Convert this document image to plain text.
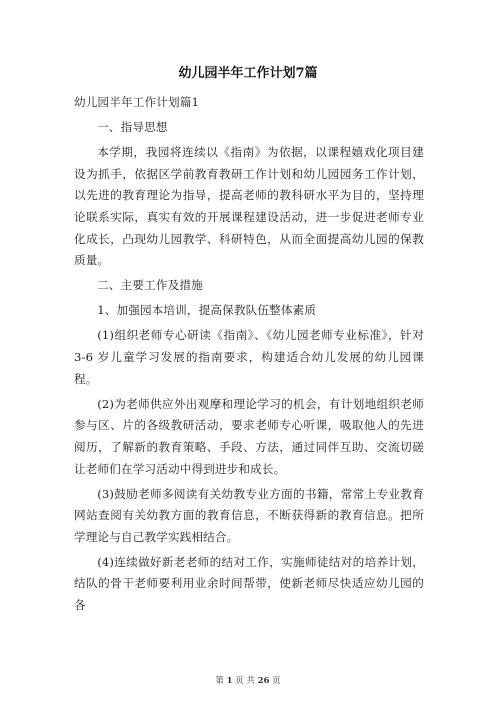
幼儿园半年工作计划7篇

幼儿园半年工作计划篇1

一、指导思想

本学期，我园将连续以《指南》为依据，以课程嬉戏化项目建设为抓手，依据区学前教育教研工作计划和幼儿园园务工作计划，以先进的教育理论为指导，提高老师的教科研水平为目的，坚持理论联系实际，真实有效的开展课程建设活动，进一步促进老师专业化成长，凸现幼儿园教学、科研特色，从而全面提高幼儿园的保教质量。

二、主要工作及措施

1、加强园本培训，提高保教队伍整体素质

(1)组织老师专心研读《指南》、《幼儿园老师专业标准》，针对 3-6 岁儿童学习发展的指南要求，构建适合幼儿发展的幼儿园课程。

(2)为老师供应外出观摩和理论学习的机会，有计划地组织老师参与区、片的各级教研活动，要求老师专心听课，吸取他人的先进阅历，了解新的教育策略、手段、方法，通过同伴互助、交流切磋让老师们在学习活动中得到进步和成长。

(3)鼓励老师多阅读有关幼教专业方面的书籍，常常上专业教育网站查阅有关幼教方面的教育信息，不断获得新的教育信息。把所学理论与自己教学实践相结合。

(4)连续做好新老老师的结对工作，实施师徒结对的培养计划，结队的骨干老师要利用业余时间帮带，使新老师尽快适应幼儿园的各

第 1 页 共 26 页
